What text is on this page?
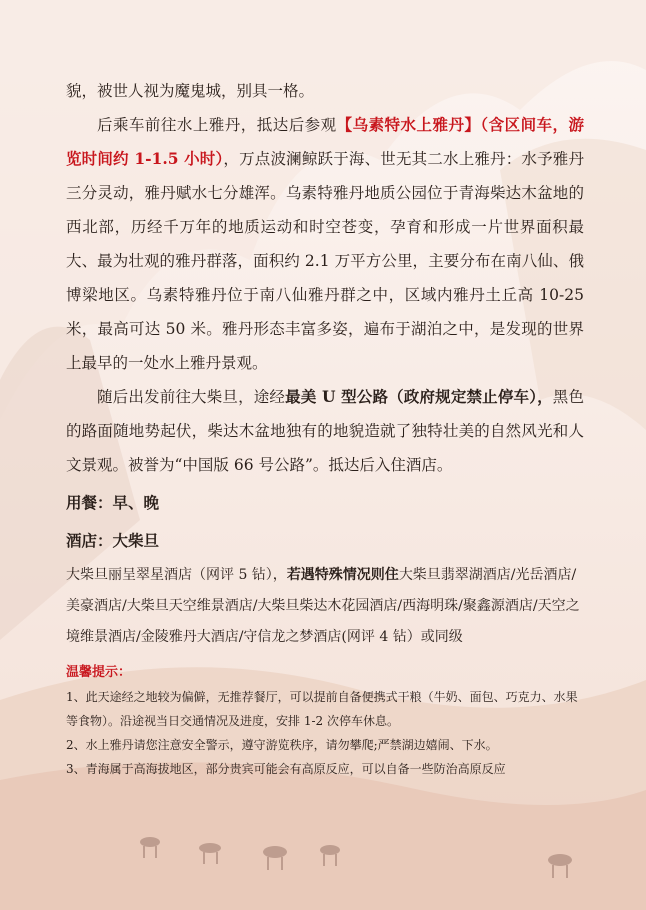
貌，被世人视为魔鬼城，别具一格。

后乘车前往水上雅丹，抵达后参观【乌素特水上雅丹】（含区间车，游览时间约 1-1.5 小时），万点波澜鲸跃于海、世无其二水上雅丹：水予雅丹三分灵动，雅丹赋水七分雄浑。乌素特雅丹地质公园位于青海柴达木盆地的西北部，历经千万年的地质运动和时空苍变，孕育和形成一片世界面积最大、最为壮观的雅丹群落，面积约 2.1 万平方公里，主要分布在南八仙、俄博梁地区。乌素特雅丹位于南八仙雅丹群之中，区域内雅丹土丘高 10-25 米，最高可达 50 米。雅丹形态丰富多姿，遍布于湖泊之中，是发现的世界上最早的一处水上雅丹景观。

随后出发前往大柴旦，途经最美 U 型公路（政府规定禁止停车），黑色的路面随地势起伏，柴达木盆地独有的地貌造就了独特壮美的自然风光和人文景观。被誉为“中国版 66 号公路”。抵达后入住酒店。

用餐：早、晚

酒店：大柴旦

大柴旦丽呈翠星酒店（网评 5 钻），若遇特殊情况则住大柴旦翡翠湖酒店/光岳酒店/美豪酒店/大柴旦天空维景酒店/大柴旦柴达木花园酒店/西海明珠/聚鑫源酒店/天空之境维景酒店/金陵雅丹大酒店/守信龙之梦酒店(网评 4 钻）或同级

温馨提示：

1、此天途经之地较为偏僻，无推荐餐厅，可以提前自备便携式干粮（牛奶、面包、巧克力、水果等食物）。沿途视当日交通情况及进度，安排 1-2 次停车休息。

2、水上雅丹请您注意安全警示，遵守游览秩序，请勿攀爬;严禁湖边嬉闹、下水。

3、青海属于高海拔地区，部分贵宾可能会有高原反应，可以自备一些防治高原反应
